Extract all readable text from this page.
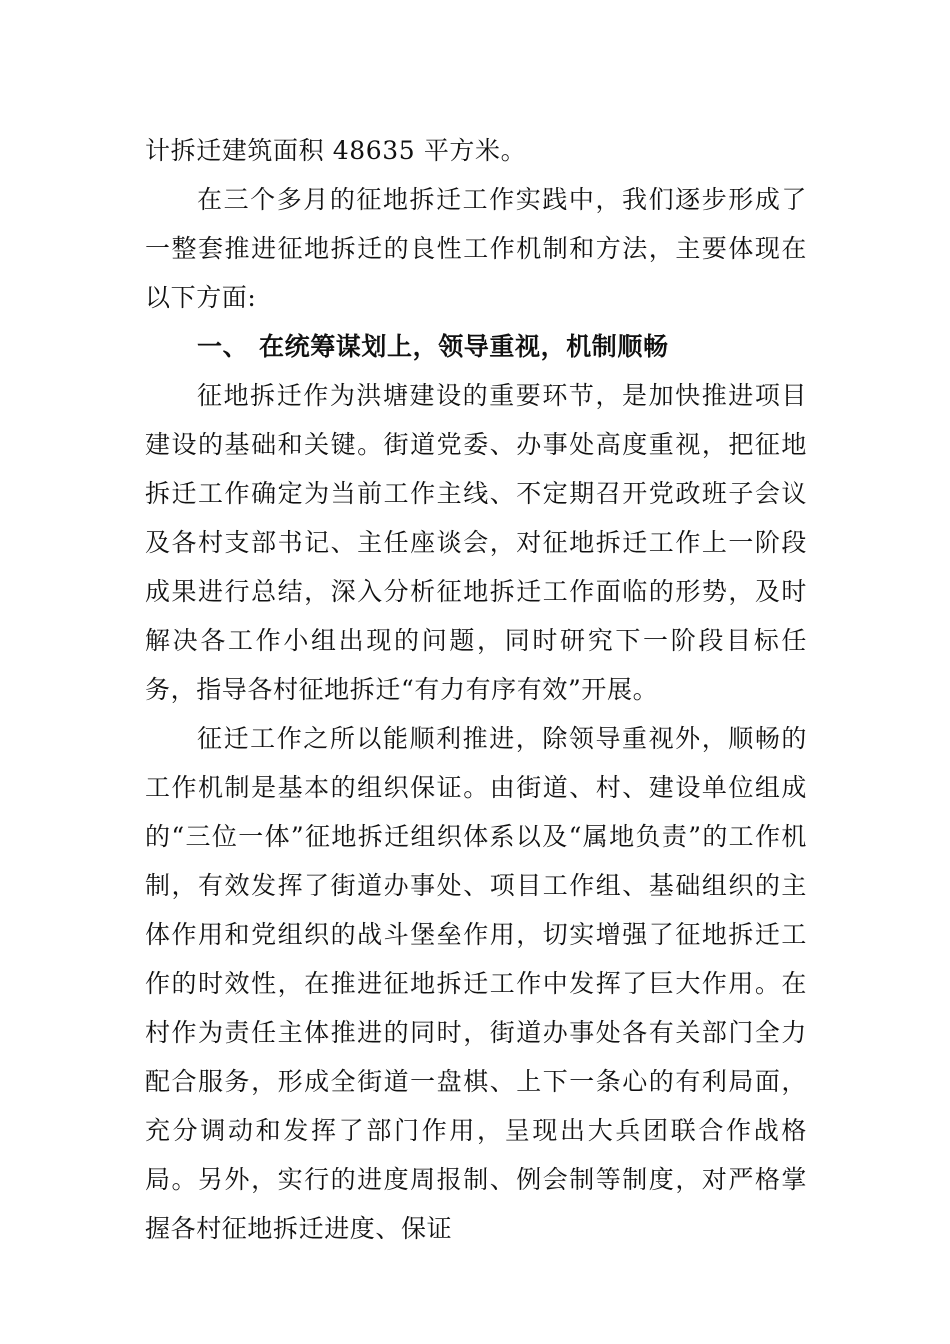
计拆迁建筑面积 48635 平方米。

在三个多月的征地拆迁工作实践中，我们逐步形成了一整套推进征地拆迁的良性工作机制和方法，主要体现在以下方面:

一、 在统筹谋划上，领导重视，机制顺畅

征地拆迁作为洪塘建设的重要环节，是加快推进项目建设的基础和关键。街道党委、办事处高度重视，把征地拆迁工作确定为当前工作主线、不定期召开党政班子会议及各村支部书记、主任座谈会，对征地拆迁工作上一阶段成果进行总结，深入分析征地拆迁工作面临的形势，及时解决各工作小组出现的问题，同时研究下一阶段目标任务，指导各村征地拆迁“有力有序有效”开展。

征迁工作之所以能顺利推进，除领导重视外，顺畅的工作机制是基本的组织保证。由街道、村、建设单位组成的“三位一体”征地拆迁组织体系以及“属地负责”的工作机制，有效发挥了街道办事处、项目工作组、基础组织的主体作用和党组织的战斗堡垒作用，切实增强了征地拆迁工作的时效性，在推进征地拆迁工作中发挥了巨大作用。在村作为责任主体推进的同时，街道办事处各有关部门全力配合服务，形成全街道一盘棋、上下一条心的有利局面，充分调动和发挥了部门作用，呈现出大兵团联合作战格局。另外，实行的进度周报制、例会制等制度，对严格掌握各村征地拆迁进度、保证
